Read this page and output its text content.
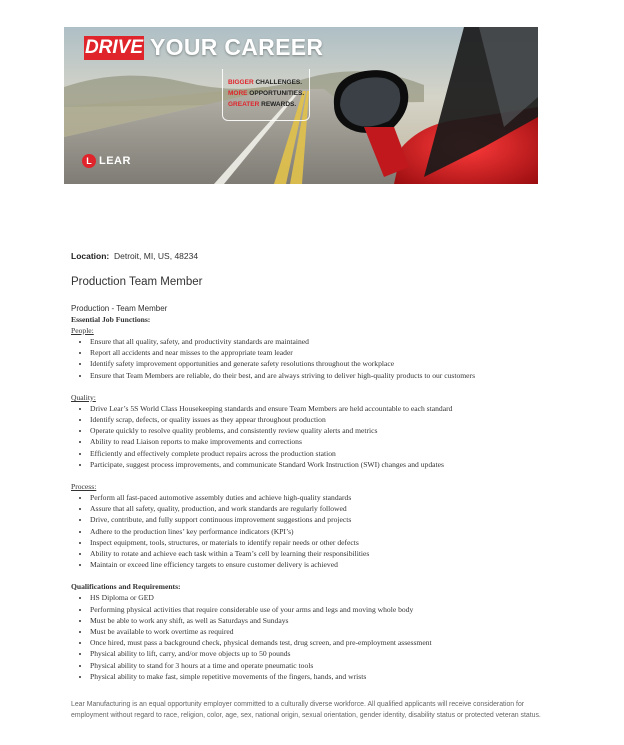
DRIVE YOUR CAREER
BIGGER CHALLENGES.
MORE OPPORTUNITIES.
GREATER REWARDS.
L LEAR

Location: Detroit, MI, US, 48234

Production Team Member

Production - Team Member

Essential Job Functions:

People:

• Ensure that all quality, safety, and productivity standards are maintained
• Report all accidents and near misses to the appropriate team leader
• Identify safety improvement opportunities and generate safety resolutions throughout the workplace
• Ensure that Team Members are reliable, do their best, and are always striving to deliver high-quality products to our customers

Quality:

• Drive Lear’s 5S World Class Housekeeping standards and ensure Team Members are held accountable to each standard
• Identify scrap, defects, or quality issues as they appear throughout production
• Operate quickly to resolve quality problems, and consistently review quality alerts and metrics
• Ability to read Liaison reports to make improvements and corrections
• Efficiently and effectively complete product repairs across the production station
• Participate, suggest process improvements, and communicate Standard Work Instruction (SWI) changes and updates

Process:

• Perform all fast-paced automotive assembly duties and achieve high-quality standards
• Assure that all safety, quality, production, and work standards are regularly followed
• Drive, contribute, and fully support continuous improvement suggestions and projects
• Adhere to the production lines’ key performance indicators (KPI’s)
• Inspect equipment, tools, structures, or materials to identify repair needs or other defects
• Ability to rotate and achieve each task within a Team’s cell by learning their responsibilities
• Maintain or exceed line efficiency targets to ensure customer delivery is achieved

Qualifications and Requirements:

• HS Diploma or GED
• Performing physical activities that require considerable use of your arms and legs and moving whole body
• Must be able to work any shift, as well as Saturdays and Sundays
• Must be available to work overtime as required
• Once hired, must pass a background check, physical demands test, drug screen, and pre-employment assessment
• Physical ability to lift, carry, and/or move objects up to 50 pounds
• Physical ability to stand for 3 hours at a time and operate pneumatic tools
• Physical ability to make fast, simple repetitive movements of the fingers, hands, and wrists

Lear Manufacturing is an equal opportunity employer committed to a culturally diverse workforce. All qualified applicants will receive consideration for employment without regard to race, religion, color, age, sex, national origin, sexual orientation, gender identity, disability status or protected veteran status.
